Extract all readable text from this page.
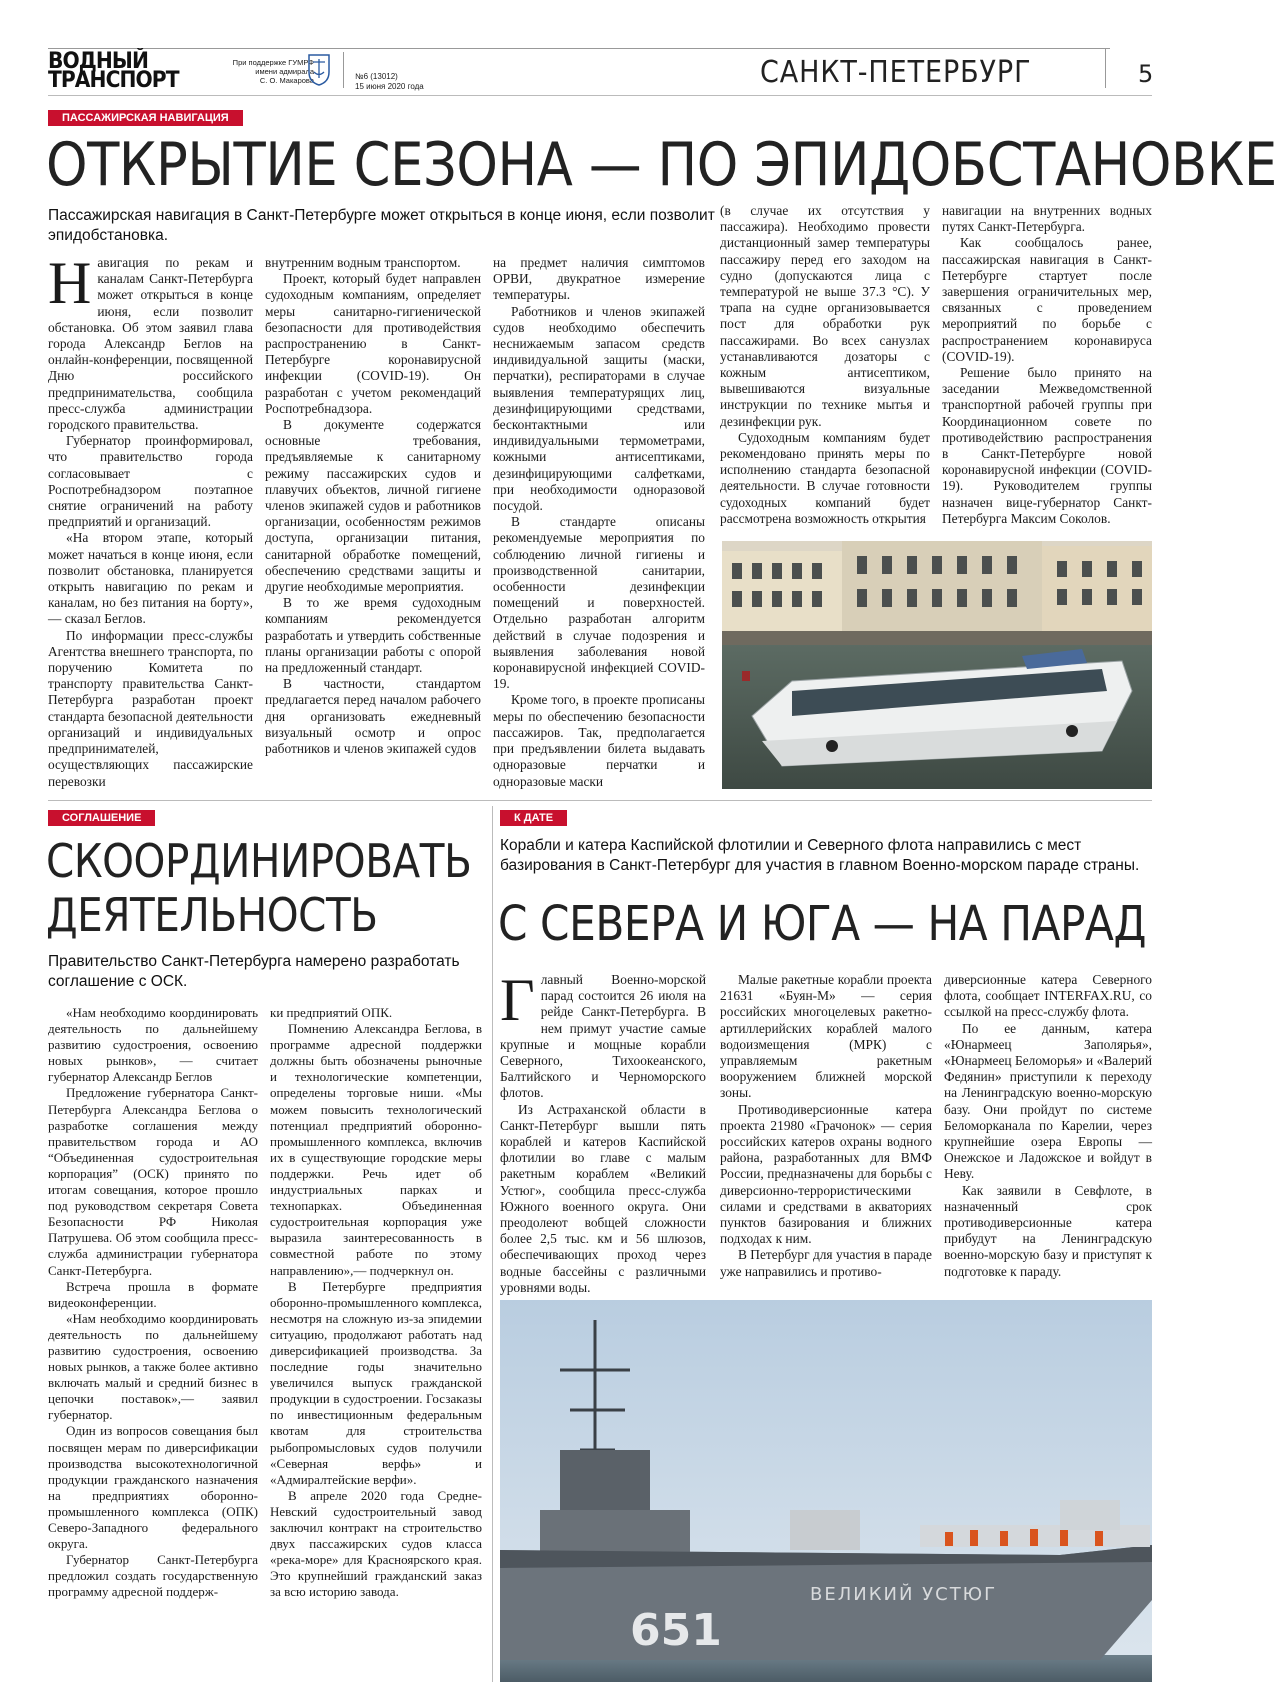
ВОДНЫЙ
ТРАНСПОРТ
При поддержке ГУМРФ
имени адмирала
С. О. Макарова	№6 (13012)
15 июня 2020 года	САНКТ-ПЕТЕРБУРГ	5
ПАССАЖИРСКАЯ НАВИГАЦИЯ
ОТКРЫТИЕ СЕЗОНА — ПО ЭПИДОБСТАНОВКЕ
Пассажирская навигация в Санкт-Петербурге может открыться в конце июня, если позволит эпидобстановка.

Навигация по рекам и каналам Санкт-Петербурга может открыться в конце июня, если позволит обстановка. Об этом заявил глава города Александр Беглов на онлайн-конференции, посвященной Дню российского предпринимательства, сообщила пресс-служба администрации городского правительства.

Губернатор проинформировал, что правительство города согласовывает с Роспотребнадзором поэтапное снятие ограничений на работу предприятий и организаций.

«На втором этапе, который может начаться в конце июня, если позволит обстановка, планируется открыть навигацию по рекам и каналам, но без питания на борту»,— сказал Беглов.

По информации пресс-службы Агентства внешнего транспорта, по поручению Комитета по транспорту правительства Санкт-Петербурга разработан проект стандарта безопасной деятельности организаций и индивидуальных предпринимателей, осуществляющих пассажирские перевозки

внутренним водным транспортом.

Проект, который будет направлен судоходным компаниям, определяет меры санитарно-гигиенической безопасности для противодействия распространению в Санкт-Петербурге коронавирусной инфекции (COVID-19). Он разработан с учетом рекомендаций Роспотребнадзора.

В документе содержатся основные требования, предъявляемые к санитарному режиму пассажирских судов и плавучих объектов, личной гигиене членов экипажей судов и работников организации, особенностям режимов доступа, организации питания, санитарной обработке помещений, обеспечению средствами защиты и другие необходимые мероприятия.

В то же время судоходным компаниям рекомендуется разработать и утвердить собственные планы организации работы с опорой на предложенный стандарт.

В частности, стандартом предлагается перед началом рабочего дня организовать ежедневный визуальный осмотр и опрос работников и членов экипажей судов

на предмет наличия симптомов ОРВИ, двукратное измерение температуры.

Работников и членов экипажей судов необходимо обеспечить неснижаемым запасом средств индивидуальной защиты (маски, перчатки), респираторами в случае выявления температурящих лиц, дезинфицирующими средствами, бесконтактными или индивидуальными термометрами, кожными антисептиками, дезинфицирующими салфетками, при необходимости одноразовой посудой.

В стандарте описаны рекомендуемые мероприятия по соблюдению личной гигиены и производственной санитарии, особенности дезинфекции помещений и поверхностей. Отдельно разработан алгоритм действий в случае подозрения и выявления заболевания новой коронавирусной инфекцией COVID-19.

Кроме того, в проекте прописаны меры по обеспечению безопасности пассажиров. Так, предполагается при предъявлении билета выдавать одноразовые перчатки и одноразовые маски

(в случае их отсутствия у пассажира). Необходимо провести дистанционный замер температуры пассажиру перед его заходом на судно (допускаются лица с температурой не выше 37.3 °С). У трапа на судне организовывается пост для обработки рук пассажирами. Во всех санузлах устанавливаются дозаторы с кожным антисептиком, вывешиваются визуальные инструкции по технике мытья и дезинфекции рук.

Судоходным компаниям будет рекомендовано принять меры по исполнению стандарта безопасной деятельности. В случае готовности судоходных компаний будет рассмотрена возможность открытия

навигации на внутренних водных путях Санкт-Петербурга.

Как сообщалось ранее, пассажирская навигация в Санкт-Петербурге стартует после завершения ограничительных мер, связанных с проведением мероприятий по борьбе с распространением коронавируса (COVID-19).

Решение было принято на заседании Межведомственной транспортной рабочей группы при Координационном совете по противодействию распространения в Санкт-Петербурге новой коронавирусной инфекции (COVID-19). Руководителем группы назначен вице-губернатор Санкт-Петербурга Максим Соколов.

СОГЛАШЕНИЕ
СКООРДИНИРОВАТЬ
ДЕЯТЕЛЬНОСТЬ
Правительство Санкт-Петербурга намерено разработать соглашение с ОСК.

«Нам необходимо координировать деятельность по дальнейшему развитию судостроения, освоению новых рынков», — считает губернатор Александр Беглов

Предложение губернатора Санкт-Петербурга Александра Беглова о разработке соглашения между правительством города и АО “Объединенная судостроительная корпорация” (ОСК) принято по итогам совещания, которое прошло под руководством секретаря Совета Безопасности РФ Николая Патрушева. Об этом сообщила пресс-служба администрации губернатора Санкт-Петербурга.

Встреча прошла в формате видеоконференции.

«Нам необходимо координировать деятельность по дальнейшему развитию судостроения, освоению новых рынков, а также более активно включать малый и средний бизнес в цепочки поставок»,— заявил губернатор.

Один из вопросов совещания был посвящен мерам по диверсификации производства высокотехнологичной продукции гражданского назначения на предприятиях оборонно-промышленного комплекса (ОПК) Северо-Западного федерального округа.

Губернатор Санкт-Петербурга предложил создать государственную программу адресной поддерж-

ки предприятий ОПК.

Помнению Александра Беглова, в программе адресной поддержки должны быть обозначены рыночные и технологические компетенции, определены торговые ниши. «Мы можем повысить технологический потенциал предприятий оборонно-промышленного комплекса, включив их в существующие городские меры поддержки. Речь идет об индустриальных парках и технопарках. Объединенная судостроительная корпорация уже выразила заинтересованность в совместной работе по этому направлению»,— подчеркнул он.

В Петербурге предприятия оборонно-промышленного комплекса, несмотря на сложную из-за эпидемии ситуацию, продолжают работать над диверсификацией производства. За последние годы значительно увеличился выпуск гражданской продукции в судостроении. Госзаказы по инвестиционным федеральным квотам для строительства рыбопромысловых судов получили «Северная верфь» и «Адмиралтейские верфи».

В апреле 2020 года Средне-Невский судостроительный завод заключил контракт на строительство двух пассажирских судов класса «река-море» для Красноярского края. Это крупнейший гражданский заказ за всю историю завода.

К ДАТЕ
Корабли и катера Каспийской флотилии и Северного флота направились с мест базирования в Санкт-Петербург для участия в главном Военно-морском параде страны.
С СЕВЕРА И ЮГА — НА ПАРАД

Главный Военно-морской парад состоится 26 июля на рейде Санкт-Петербурга. В нем примут участие самые крупные и мощные корабли Северного, Тихоокеанского, Балтийского и Черноморского флотов.

Из Астраханской области в Санкт-Петербург вышли пять кораблей и катеров Каспийской флотилии во главе с малым ракетным кораблем «Великий Устюг», сообщила пресс-служба Южного военного округа. Они преодолеют вобщей сложности более 2,5 тыс. км и 56 шлюзов, обеспечивающих проход через водные бассейны с различными уровнями воды.

Малые ракетные корабли проекта 21631 «Буян-М» — серия российских многоцелевых ракетно-артиллерийских кораблей малого водоизмещения (МРК) с управляемым ракетным вооружением ближней морской зоны.

Противодиверсионные катера проекта 21980 «Грачонок» — серия российских катеров охраны водного района, разработанных для ВМФ России, предназначены для борьбы с диверсионно-террористическими силами и средствами в акваториях пунктов базирования и ближних подходах к ним.

В Петербург для участия в параде уже направились и противо-

диверсионные катера Северного флота, сообщает INTERFAX.RU, со ссылкой на пресс-службу флота.

По ее данным, катера «Юнармеец Заполярья», «Юнармеец Беломорья» и «Валерий Федянин» приступили к переходу на Ленинградскую военно-морскую базу. Они пройдут по системе Беломорканала по Карелии, через крупнейшие озера Европы — Онежское и Ладожское и войдут в Неву.

Как заявили в Севфлоте, в назначенный срок противодиверсионные катера прибудут на Ленинградскую военно-морскую базу и приступят к подготовке к параду.

ВЕЛИКИЙ УСТЮГ
651
